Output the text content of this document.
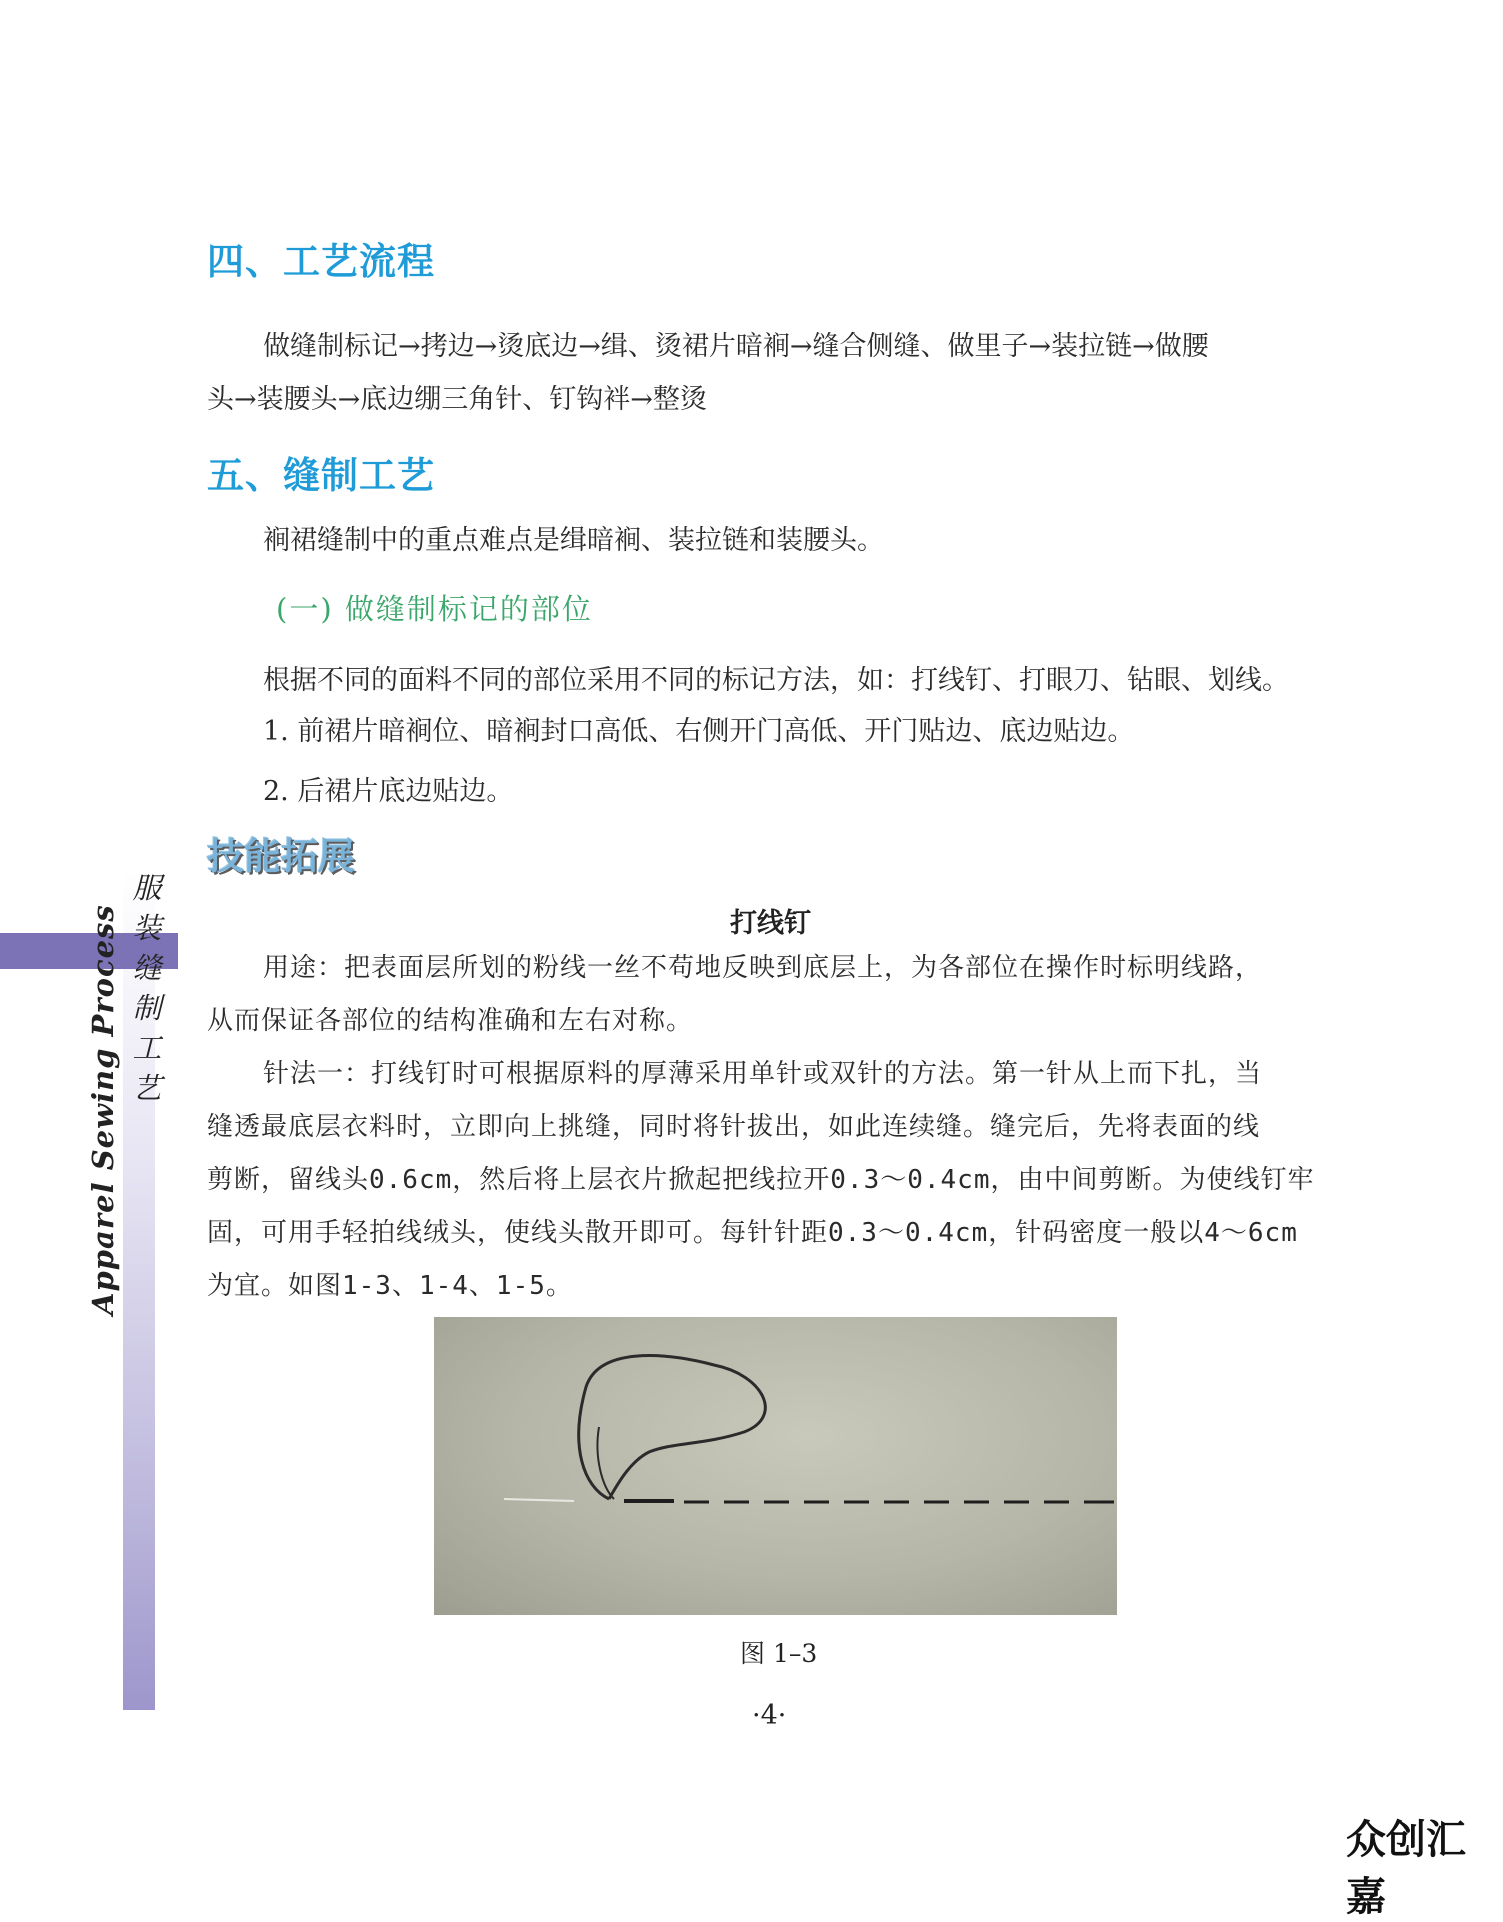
四、工艺流程
做缝制标记→拷边→烫底边→缉、烫裙片暗裥→缝合侧缝、做里子→装拉链→做腰
头→装腰头→底边绷三角针、钉钩袢→整烫
五、缝制工艺
裥裙缝制中的重点难点是缉暗裥、装拉链和装腰头。
(一) 做缝制标记的部位
根据不同的面料不同的部位采用不同的标记方法，如：打线钉、打眼刀、钻眼、划线。
1. 前裙片暗裥位、暗裥封口高低、右侧开门高低、开门贴边、底边贴边。
2. 后裙片底边贴边。
技能拓展
打线钉
用途：把表面层所划的粉线一丝不苟地反映到底层上，为各部位在操作时标明线路，
从而保证各部位的结构准确和左右对称。
针法一：打线钉时可根据原料的厚薄采用单针或双针的方法。第一针从上而下扎，当
缝透最底层衣料时，立即向上挑缝，同时将针拔出，如此连续缝。缝完后，先将表面的线
剪断，留线头0.6cm，然后将上层衣片掀起把线拉开0.3～0.4cm，由中间剪断。为使线钉牢
固，可用手轻拍线绒头，使线头散开即可。每针针距0.3～0.4cm，针码密度一般以4～6cm
为宜。如图1-3、1-4、1-5。
图 1–3
服装缝制工艺
Apparel Sewing Process
·4·
众创汇嘉
